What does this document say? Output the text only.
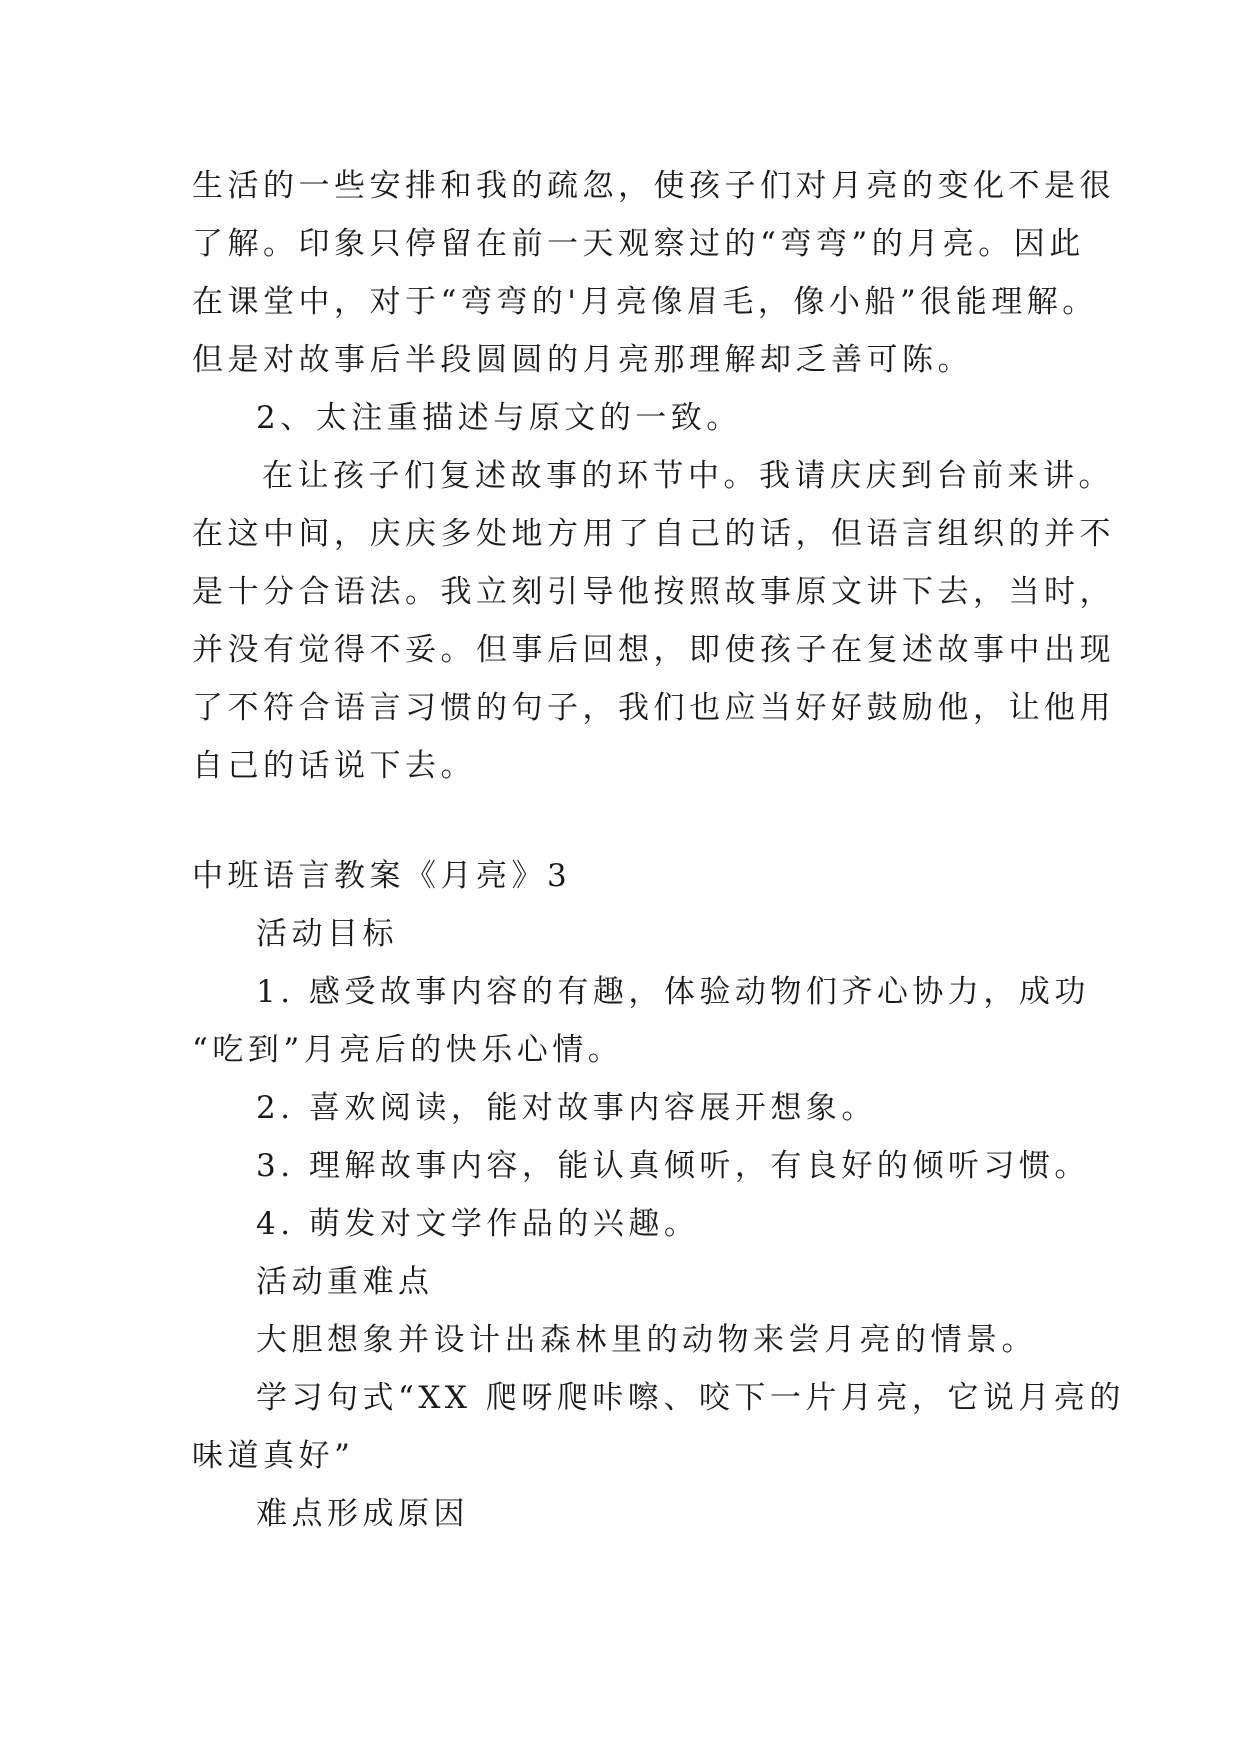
生活的一些安排和我的疏忽，使孩子们对月亮的变化不是很
了解。印象只停留在前一天观察过的“弯弯”的月亮。因此
在课堂中，对于“弯弯的'月亮像眉毛，像小船”很能理解。
但是对故事后半段圆圆的月亮那理解却乏善可陈。
2、太注重描述与原文的一致。
在让孩子们复述故事的环节中。我请庆庆到台前来讲。
在这中间，庆庆多处地方用了自己的话，但语言组织的并不
是十分合语法。我立刻引导他按照故事原文讲下去，当时，
并没有觉得不妥。但事后回想，即使孩子在复述故事中出现
了不符合语言习惯的句子，我们也应当好好鼓励他，让他用
自己的话说下去。
中班语言教案《月亮》3
活动目标
1. 感受故事内容的有趣，体验动物们齐心协力，成功
“吃到”月亮后的快乐心情。
2. 喜欢阅读，能对故事内容展开想象。
3. 理解故事内容，能认真倾听，有良好的倾听习惯。
4. 萌发对文学作品的兴趣。
活动重难点
大胆想象并设计出森林里的动物来尝月亮的情景。
学习句式“XX 爬呀爬咔嚓、咬下一片月亮，它说月亮的
味道真好”
难点形成原因
